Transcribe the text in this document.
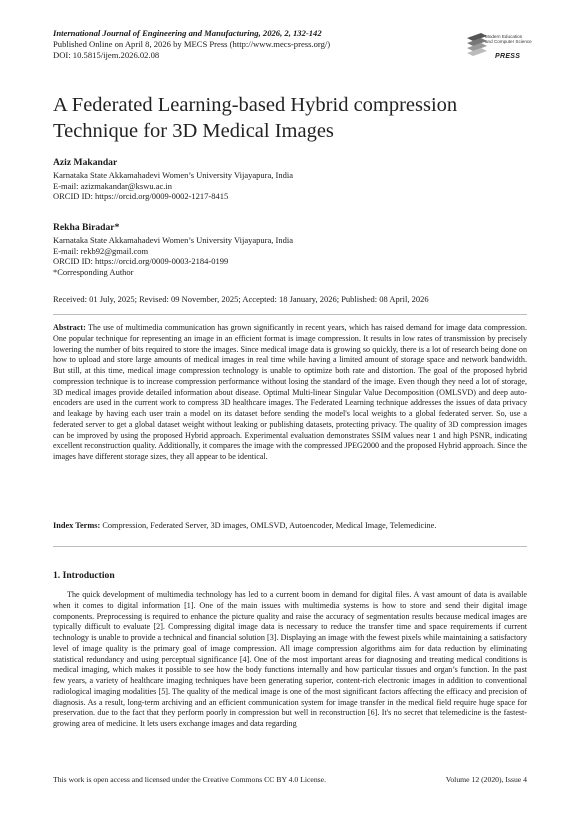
International Journal of Engineering and Manufacturing, 2026, 2, 132-142
Published Online on April 8, 2026 by MECS Press (http://www.mecs-press.org/)
DOI: 10.5815/ijem.2026.02.08
Modern Education
and Computer Science
PRESS
A Federated Learning-based Hybrid compression Technique for 3D Medical Images
Aziz Makandar
Karnataka State Akkamahadevi Women’s University Vijayapura, India
E-mail: azizmakandar@kswu.ac.in
ORCID ID: https://orcid.org/0009-0002-1217-8415
Rekha Biradar*
Karnataka State Akkamahadevi Women’s University Vijayapura, India
E-mail: rekb92@gmail.com
ORCID ID: https://orcid.org/0009-0003-2184-0199
*Corresponding Author
Received: 01 July, 2025; Revised: 09 November, 2025; Accepted: 18 January, 2026; Published: 08 April, 2026
Abstract: The use of multimedia communication has grown significantly in recent years, which has raised demand for image data compression. One popular technique for representing an image in an efficient format is image compression. It results in low rates of transmission by precisely lowering the number of bits required to store the images. Since medical image data is growing so quickly, there is a lot of research being done on how to upload and store large amounts of medical images in real time while having a limited amount of storage space and network bandwidth. But still, at this time, medical image compression technology is unable to optimize both rate and distortion. The goal of the proposed hybrid compression technique is to increase compression performance without losing the standard of the image. Even though they need a lot of storage, 3D medical images provide detailed information about disease. Optimal Multi-linear Singular Value Decomposition (OMLSVD) and deep auto-encoders are used in the current work to compress 3D healthcare images. The Federated Learning technique addresses the issues of data privacy and leakage by having each user train a model on its dataset before sending the model's local weights to a global federated server. So, use a federated server to get a global dataset weight without leaking or publishing datasets, protecting privacy. The quality of 3D compression images can be improved by using the proposed Hybrid approach. Experimental evaluation demonstrates SSIM values near 1 and high PSNR, indicating excellent reconstruction quality. Additionally, it compares the image with the compressed JPEG2000 and the proposed Hybrid approach. Since the images have different storage sizes, they all appear to be identical.
Index Terms: Compression, Federated Server, 3D images, OMLSVD, Autoencoder, Medical Image, Telemedicine.
1. Introduction
The quick development of multimedia technology has led to a current boom in demand for digital files. A vast amount of data is available when it comes to digital information [1]. One of the main issues with multimedia systems is how to store and send their digital image components. Preprocessing is required to enhance the picture quality and raise the accuracy of segmentation results because medical images are typically difficult to evaluate [2]. Compressing digital image data is necessary to reduce the transfer time and space requirements if current technology is unable to provide a technical and financial solution [3]. Displaying an image with the fewest pixels while maintaining a satisfactory level of image quality is the primary goal of image compression. All image compression algorithms aim for data reduction by eliminating statistical redundancy and using perceptual significance [4]. One of the most important areas for diagnosing and treating medical conditions is medical imaging, which makes it possible to see how the body functions internally and how particular tissues and organ’s function. In the past few years, a variety of healthcare imaging techniques have been generating superior, content-rich electronic images in addition to conventional radiological imaging modalities [5]. The quality of the medical image is one of the most significant factors affecting the efficacy and precision of diagnosis. As a result, long-term archiving and an efficient communication system for image transfer in the medical field require huge space for preservation. due to the fact that they perform poorly in compression but well in reconstruction [6]. It's no secret that telemedicine is the fastest-growing area of medicine. It lets users exchange images and data regarding
This work is open access and licensed under the Creative Commons CC BY 4.0 License.	Volume 12 (2020), Issue 4
